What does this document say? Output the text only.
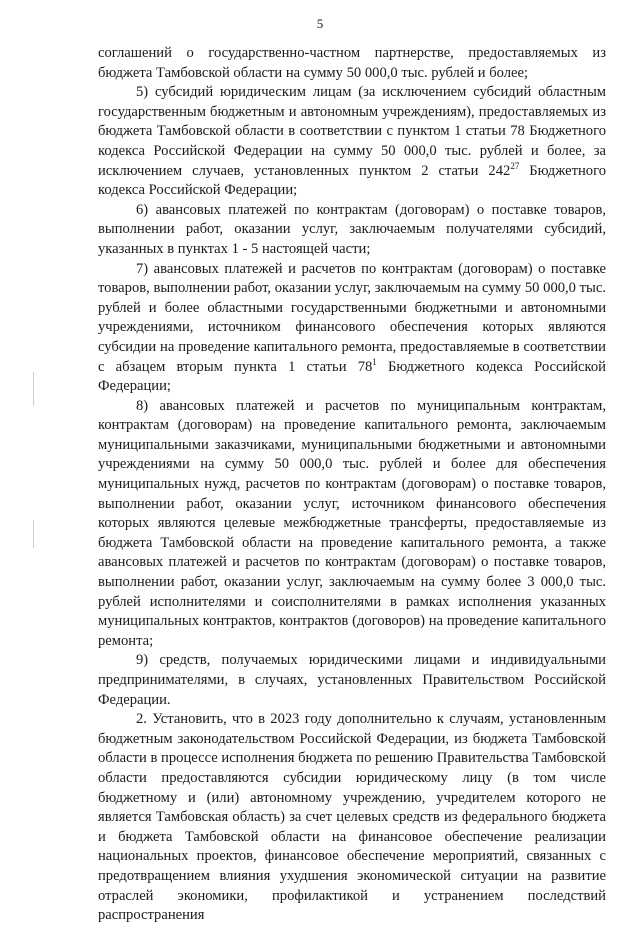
5

соглашений о государственно-частном партнерстве, предоставляемых из бюджета Тамбовской области на сумму 50 000,0 тыс. рублей и более;

5) субсидий юридическим лицам (за исключением субсидий областным государственным бюджетным и автономным учреждениям), предоставляемых из бюджета Тамбовской области в соответствии с пунктом 1 статьи 78 Бюджетного кодекса Российской Федерации на сумму 50 000,0 тыс. рублей и более, за исключением случаев, установленных пунктом 2 статьи $242^{27}$ Бюджетного кодекса Российской Федерации;

6) авансовых платежей по контрактам (договорам) о поставке товаров, выполнении работ, оказании услуг, заключаемым получателями субсидий, указанных в пунктах 1 - 5 настоящей части;

7) авансовых платежей и расчетов по контрактам (договорам) о поставке товаров, выполнении работ, оказании услуг, заключаемым на сумму 50 000,0 тыс. рублей и более областными государственными бюджетными и автономными учреждениями, источником финансового обеспечения которых являются субсидии на проведение капитального ремонта, предоставляемые в соответствии с абзацем вторым пункта 1 статьи $78^1$ Бюджетного кодекса Российской Федерации;

8) авансовых платежей и расчетов по муниципальным контрактам, контрактам (договорам) на проведение капитального ремонта, заключаемым муниципальными заказчиками, муниципальными бюджетными и автономными учреждениями на сумму 50 000,0 тыс. рублей и более для обеспечения муниципальных нужд, расчетов по контрактам (договорам) о поставке товаров, выполнении работ, оказании услуг, источником финансового обеспечения которых являются целевые межбюджетные трансферты, предоставляемые из бюджета Тамбовской области на проведение капитального ремонта, а также авансовых платежей и расчетов по контрактам (договорам) о поставке товаров, выполнении работ, оказании услуг, заключаемым на сумму более 3 000,0 тыс. рублей исполнителями и соисполнителями в рамках исполнения указанных муниципальных контрактов, контрактов (договоров) на проведение капитального ремонта;

9) средств, получаемых юридическими лицами и индивидуальными предпринимателями, в случаях, установленных Правительством Российской Федерации.

2. Установить, что в 2023 году дополнительно к случаям, установленным бюджетным законодательством Российской Федерации, из бюджета Тамбовской области в процессе исполнения бюджета по решению Правительства Тамбовской области предоставляются субсидии юридическому лицу (в том числе бюджетному и (или) автономному учреждению, учредителем которого не является Тамбовская область) за счет целевых средств из федерального бюджета и бюджета Тамбовской области на финансовое обеспечение реализации национальных проектов, финансовое обеспечение мероприятий, связанных с предотвращением влияния ухудшения экономической ситуации на развитие отраслей экономики, профилактикой и устранением последствий распространения
